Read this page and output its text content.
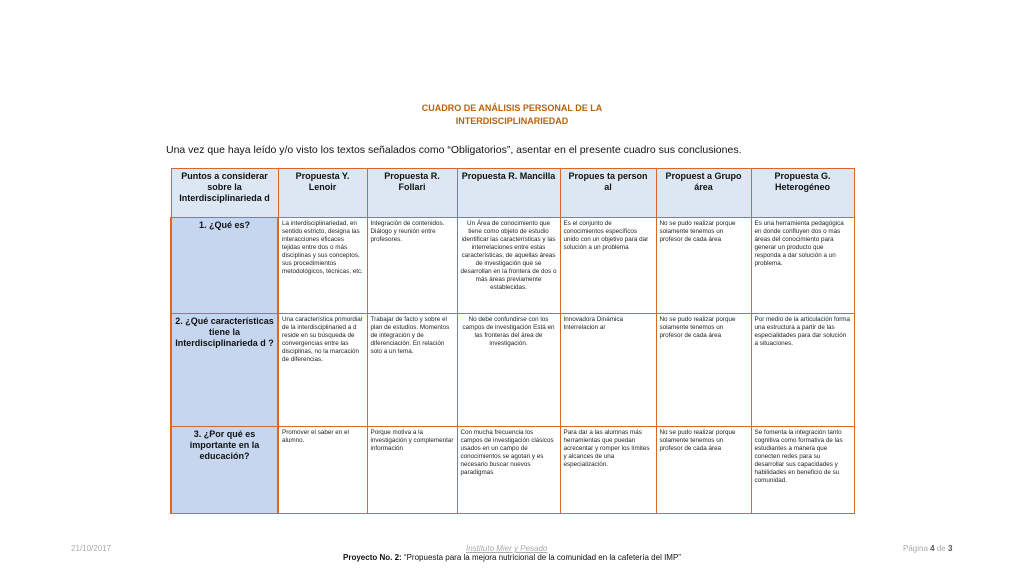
CUADRO DE ANÁLISIS PERSONAL DE LA
INTERDISCIPLINARIEDAD
Una vez que haya leído y/o visto los textos señalados como “Obligatorios”, asentar en el presente cuadro sus conclusiones.
Puntos a considerar sobre la Interdisciplinarieda d	Propuesta Y. Lenoir	Propuesta R. Follari	Propuesta R. Mancilla	Propues ta person al	Propuest a Grupo área	Propuesta G. Heterogéneo
1. ¿Qué es?	La interdisciplinariedad, en sentido estricto, designa las interacciones eficaces tejidas entre dos o más disciplinas y sus conceptos, sus procedimientos metodológicos, técnicas, etc.	Integración de contenidos. Diálogo y reunión entre profesores.	Un Área de conocimiento que tiene como objeto de estudio identificar las características y las interrelaciones entre estas características, de aquellas áreas de investigación que se desarrollan en la frontera de dos o más áreas previamente establecidas.	Es el conjunto de conocimientos específicos unido con un objetivo para dar solución a un problema	No se pudo realizar porque solamente tenemos un profesor de cada área	Es una herramienta pedagógica en donde confluyen dos o más áreas del conocimiento para generar un producto que responda a dar solución a un problema.
2. ¿Qué características tiene la Interdisciplinarieda d ?	Una característica primordial de la interdisciplinaried a d reside en su búsqueda de convergencias entre las disciplinas, no la marcación de diferencias.	Trabajar de facto y sobre el plan de estudios. Momentos de integración y de diferenciación. En relación solo a un tema.	No debe confundirse con los campos de investigación Está en las fronteras del área de investigación.	Innovadora Dinámica Interrelacion ar	No se pudo realizar porque solamente tenemos un profesor de cada área	Por medio de la articulación forma una estructura a partir de las especialidades para dar solución a situaciones.
3. ¿Por qué es importante en la educación?	Promover el saber en el alumno.	Porque motiva a la investigación y complementar información	Con mucha frecuencia los campos de investigación clásicos usados en un campo de conocimientos se agotan y es necesario buscar nuevos paradigmas	Para dar a las alumnas más herramientas que puedan acrecentar y romper los límites y alcances de una especialización.	No se pudo realizar porque solamente tenemos un profesor de cada área	Se fomenta la integración tanto cognitiva como formativa de las estudiantes a manera que conecten redes para su desarrollar sus capacidades y habilidades en beneficio de su comunidad.
21/10/2017	Instituto Mier y Pesado	Página 4 de 3
Proyecto No. 2: “Propuesta para la mejora nutricional de la comunidad en la cafetería del IMP”
